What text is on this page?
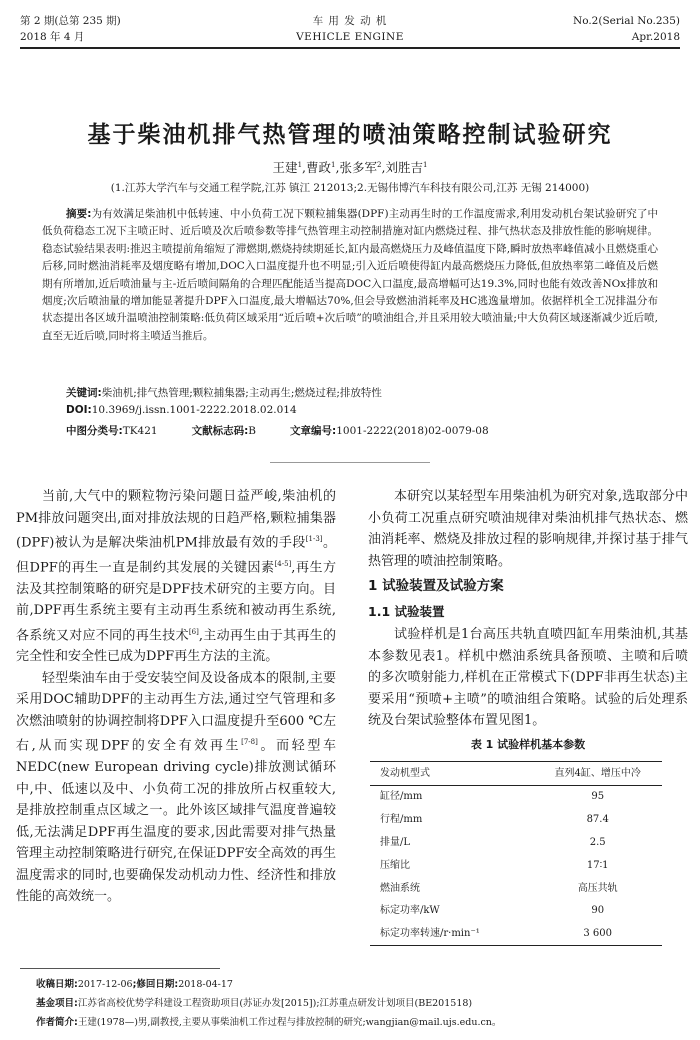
第 2 期(总第 235 期)
2018 年 4 月
车 用 发 动 机
VEHICLE ENGINE
No.2(Serial No.235)
Apr.2018
基于柴油机排气热管理的喷油策略控制试验研究
王建$^1$,曹政$^1$,张多军$^2$,刘胜吉$^1$
(1.江苏大学汽车与交通工程学院,江苏 镇江 212013;2.无锡伟博汽车科技有限公司,江苏 无锡 214000)
摘要:为有效满足柴油机中低转速、中小负荷工况下颗粒捕集器(DPF)主动再生时的工作温度需求,利用发动机台架试验研究了中低负荷稳态工况下主喷正时、近后喷及次后喷参数等排气热管理主动控制措施对缸内燃烧过程、排气热状态及排放性能的影响规律。稳态试验结果表明:推迟主喷提前角缩短了滞燃期,燃烧持续期延长,缸内最高燃烧压力及峰值温度下降,瞬时放热率峰值减小且燃烧重心后移,同时燃油消耗率及烟度略有增加,DOC入口温度提升也不明显;引入近后喷使得缸内最高燃烧压力降低,但放热率第二峰值及后燃期有所增加,近后喷油量与主-近后喷间隔角的合理匹配能适当提高DOC入口温度,最高增幅可达19.3%,同时也能有效改善NOx排放和烟度;次后喷油量的增加能显著提升DPF入口温度,最大增幅达70%,但会导致燃油消耗率及HC逃逸量增加。依据样机全工况排温分布状态提出各区域升温喷油控制策略:低负荷区域采用“近后喷+次后喷”的喷油组合,并且采用较大喷油量;中大负荷区域逐渐减少近后喷,直至无近后喷,同时将主喷适当推后。
关键词:柴油机;排气热管理;颗粒捕集器;主动再生;燃烧过程;排放特性
DOI:10.3969/j.issn.1001-2222.2018.02.014
中图分类号:TK421	文献标志码:B	文章编号:1001-2222(2018)02-0079-08

当前,大气中的颗粒物污染问题日益严峻,柴油机的PM排放问题突出,面对排放法规的日趋严格,颗粒捕集器(DPF)被认为是解决柴油机PM排放最有效的手段[1-3]。但DPF的再生一直是制约其发展的关键因素[4-5],再生方法及其控制策略的研究是DPF技术研究的主要方向。目前,DPF再生系统主要有主动再生系统和被动再生系统,各系统又对应不同的再生技术[6],主动再生由于其再生的完全性和安全性已成为DPF再生方法的主流。

轻型柴油车由于受安装空间及设备成本的限制,主要采用DOC辅助DPF的主动再生方法,通过空气管理和多次燃油喷射的协调控制将DPF入口温度提升至600 ℃左右,从而实现DPF的安全有效再生[7-8]。而轻型车NEDC(new European driving cycle)排放测试循环中,中、低速以及中、小负荷工况的排放所占权重较大,是排放控制重点区域之一。此外该区域排气温度普遍较低,无法满足DPF再生温度的要求,因此需要对排气热量管理主动控制策略进行研究,在保证DPF安全高效的再生温度需求的同时,也要确保发动机动力性、经济性和排放性能的高效统一。

本研究以某轻型车用柴油机为研究对象,选取部分中小负荷工况重点研究喷油规律对柴油机排气热状态、燃油消耗率、燃烧及排放过程的影响规律,并探讨基于排气热管理的喷油控制策略。

1 试验装置及试验方案
1.1 试验装置

试验样机是1台高压共轨直喷四缸车用柴油机,其基本参数见表1。样机中燃油系统具备预喷、主喷和后喷的多次喷射能力,样机在正常模式下(DPF非再生状态)主要采用“预喷+主喷”的喷油组合策略。试验的后处理系统及台架试验整体布置见图1。

表 1 试验样机基本参数
发动机型式	直列4缸、增压中冷
缸径/mm	95
行程/mm	87.4
排量/L	2.5
压缩比	17∶1
燃油系统	高压共轨
标定功率/kW	90
标定功率转速/r·min⁻¹	3 600
收稿日期:2017-12-06;修回日期:2018-04-17
基金项目:江苏省高校优势学科建设工程资助项目(苏证办发[2015]);江苏重点研发计划项目(BE201518)
作者简介:王建(1978—)男,副教授,主要从事柴油机工作过程与排放控制的研究;wangjian@mail.ujs.edu.cn。
